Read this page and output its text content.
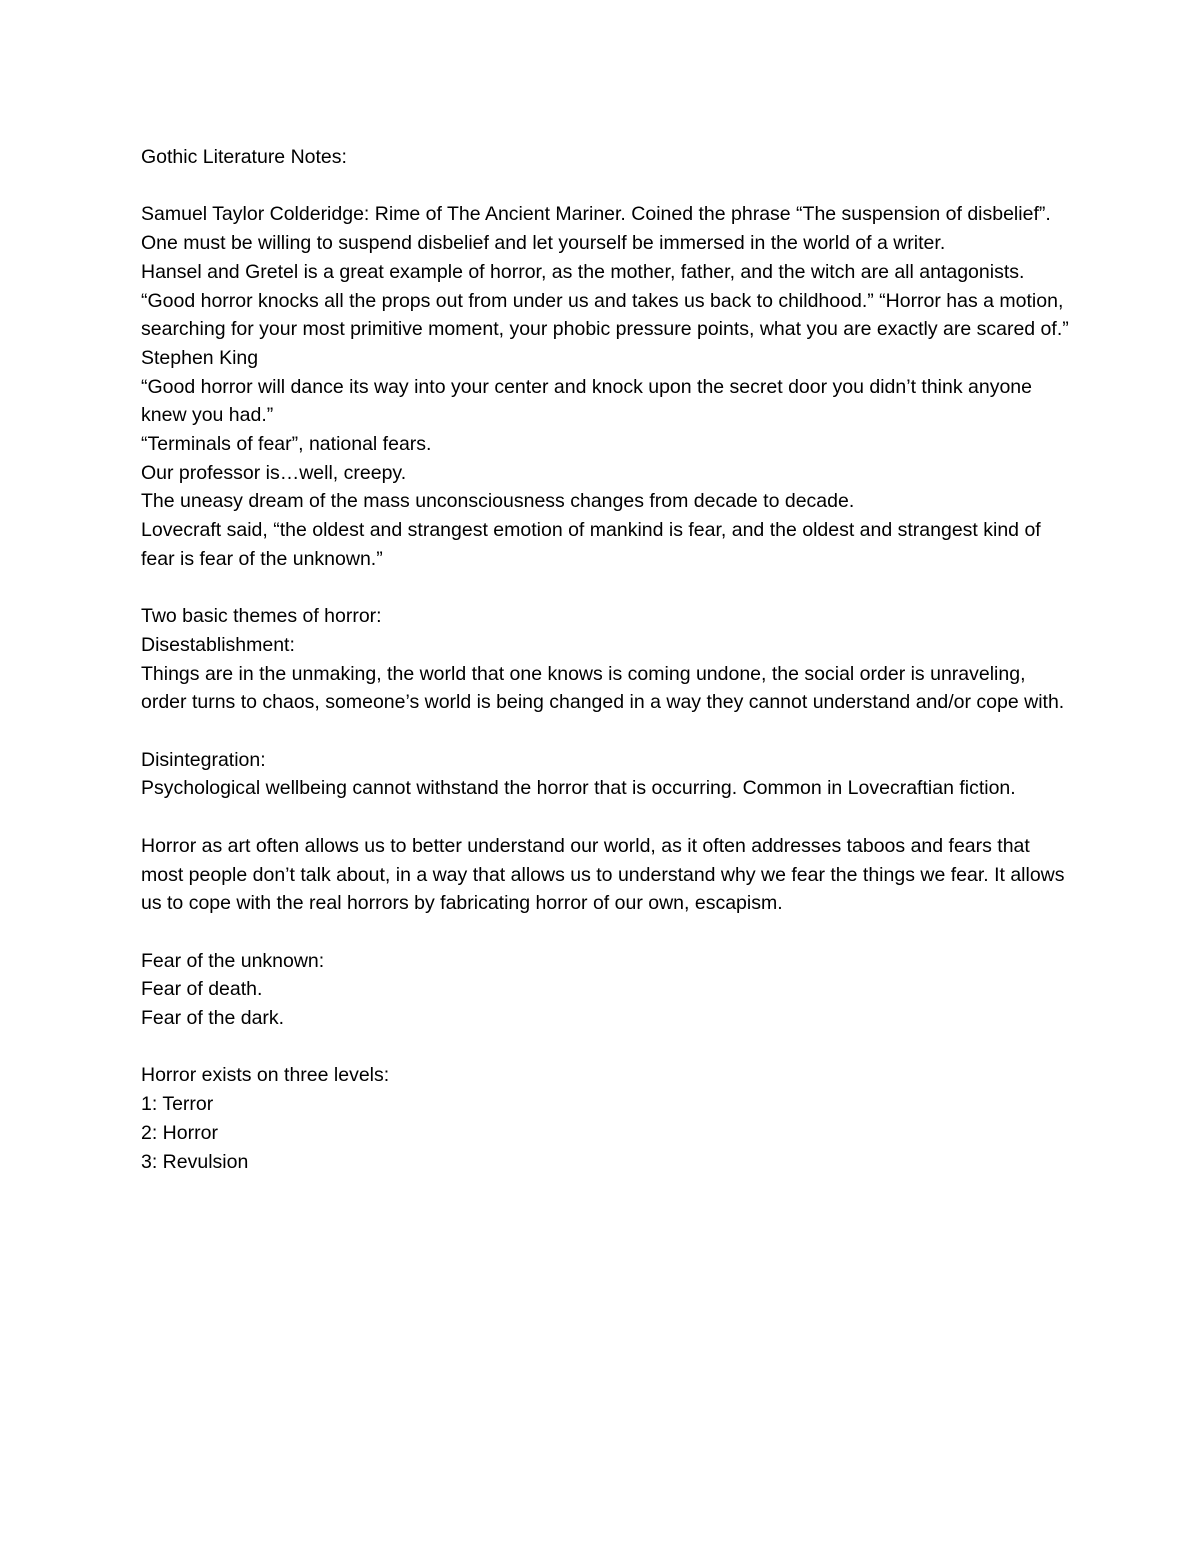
Gothic Literature Notes:

Samuel Taylor Colderidge: Rime of The Ancient Mariner. Coined the phrase “The suspension of disbelief”. One must be willing to suspend disbelief and let yourself be immersed in the world of a writer.

Hansel and Gretel is a great example of horror, as the mother, father, and the witch are all antagonists.

“Good horror knocks all the props out from under us and takes us back to childhood.” “Horror has a motion, searching for your most primitive moment, your phobic pressure points, what you are exactly are scared of.” Stephen King

“Good horror will dance its way into your center and knock upon the secret door you didn’t think anyone knew you had.”

“Terminals of fear”, national fears.

Our professor is…well, creepy.

The uneasy dream of the mass unconsciousness changes from decade to decade.

Lovecraft said, “the oldest and strangest emotion of mankind is fear, and the oldest and strangest kind of fear is fear of the unknown.”

Two basic themes of horror:

Disestablishment:

Things are in the unmaking, the world that one knows is coming undone, the social order is unraveling, order turns to chaos, someone’s world is being changed in a way they cannot understand and/or cope with.

Disintegration:

Psychological wellbeing cannot withstand the horror that is occurring. Common in Lovecraftian fiction.

Horror as art often allows us to better understand our world, as it often addresses taboos and fears that most people don’t talk about, in a way that allows us to understand why we fear the things we fear. It allows us to cope with the real horrors by fabricating horror of our own, escapism.

Fear of the unknown:

Fear of death.

Fear of the dark.

Horror exists on three levels:

1: Terror

2: Horror

3: Revulsion
